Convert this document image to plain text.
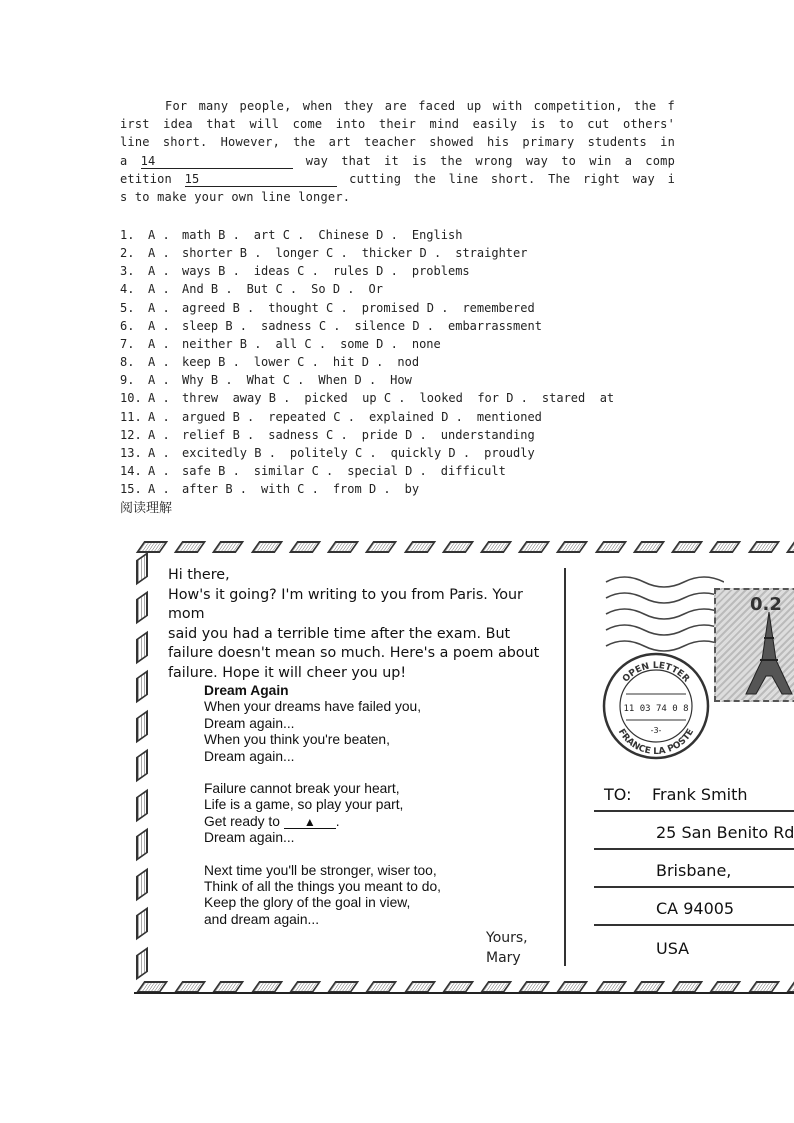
For many people, when they are faced up with competition, the f
irst idea that will come into their mind easily is to cut others'
line short. However, the art teacher showed his primary students in
a 14	way that it is the wrong way to win a comp
etition 15	cutting the line short. The right way i
s to make your own line longer.
1.	A .	math B .	art C .	Chinese D .	English
2.	A .	shorter B .	longer C .	thicker D .	straighter
3.	A .	ways B .	ideas C .	rules D .	problems
4.	A .	And B .	But C .	So D .	Or
5.	A .	agreed B .	thought C .	promised D .	remembered
6.	A .	sleep B .	sadness C .	silence D .	embarrassment
7.	A .	neither B .	all C .	some D .	none
8.	A .	keep B .	lower C .	hit D .	nod
9.	A .	Why B .	What C .	When D .	How
10. A .	threw  away B .	picked  up C .	looked  for D .	stared  at
11. A .	argued B .	repeated C .	explained D .	mentioned
12. A .	relief B .	sadness C .	pride D .	understanding
13. A .	excitedly B .	politely C .	quickly D .	proudly
14. A .	safe B .	similar C .	special D .	difficult
15. A .	after B .	with C .	from D .	by
阅读理解
Hi there,
How's it going? I'm writing to you from Paris. Your mom
said you had a terrible time after the exam. But
failure doesn't mean so much. Here's a poem about
failure. Hope it will cheer you up!
Dream Again
When your dreams have failed you,
Dream again...
When you think you're beaten,
Dream again...
Failure cannot break your heart,
Life is a game, so play your part,
Get ready to ▲ .
Dream again...
Next time you'll be stronger, wiser too,
Think of all the things you meant to do,
Keep the glory of the goal in view,
and dream again...
Yours,
Mary
0.2
OPEN LETTER
FRANCE LA POSTE
11 03 74 0 8
-3-
TO:	Frank Smith
25 San Benito Rd
Brisbane,
CA 94005
USA
